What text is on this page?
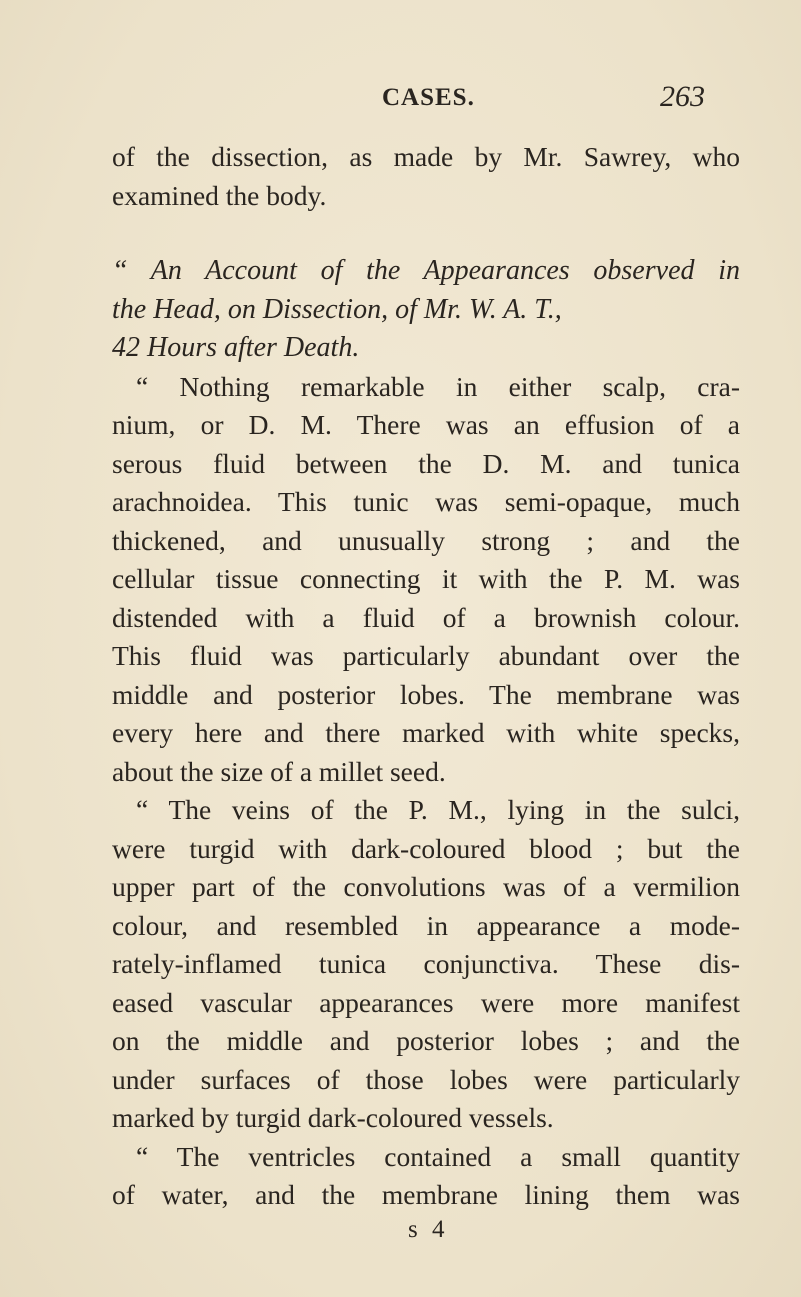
CASES.	263
of the dissection, as made by Mr. Sawrey, who
examined the body.
“ An Account of the Appearances observed in
the Head, on Dissection, of Mr. W. A. T.,
42 Hours after Death.
“ Nothing remarkable in either scalp, cra-
nium, or D. M. There was an effusion of a
serous fluid between the D. M. and tunica
arachnoidea. This tunic was semi-opaque, much
thickened, and unusually strong ; and the
cellular tissue connecting it with the P. M. was
distended with a fluid of a brownish colour.
This fluid was particularly abundant over the
middle and posterior lobes. The membrane was
every here and there marked with white specks,
about the size of a millet seed.
“ The veins of the P. M., lying in the sulci,
were turgid with dark-coloured blood ; but the
upper part of the convolutions was of a vermilion
colour, and resembled in appearance a mode-
rately-inflamed tunica conjunctiva. These dis-
eased vascular appearances were more manifest
on the middle and posterior lobes ; and the
under surfaces of those lobes were particularly
marked by turgid dark-coloured vessels.
“ The ventricles contained a small quantity
of water, and the membrane lining them was
s 4
